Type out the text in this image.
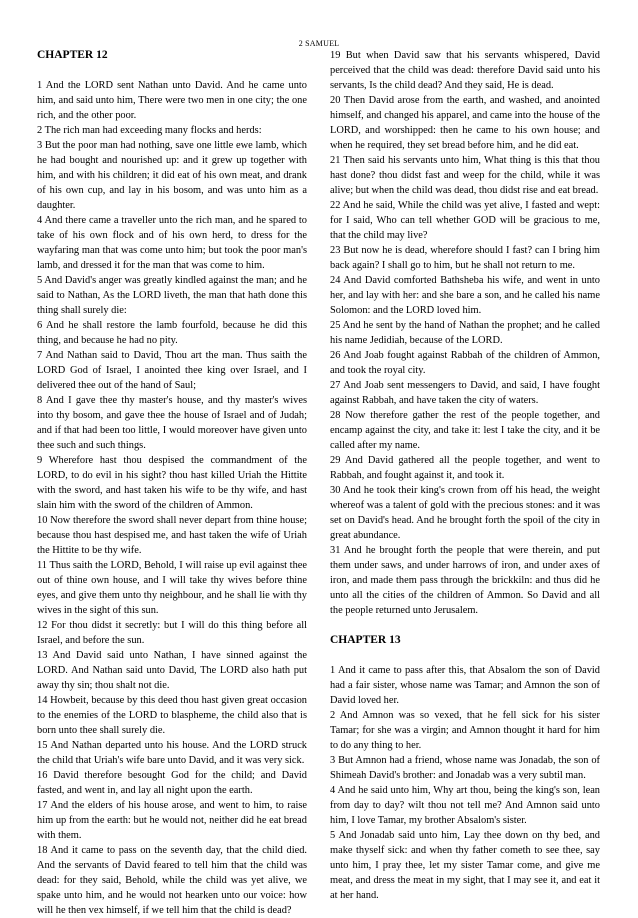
2 SAMUEL

CHAPTER 12

1 And the LORD sent Nathan unto David. And he came unto him, and said unto him, There were two men in one city; the one rich, and the other poor.

2 The rich man had exceeding many flocks and herds:

3 But the poor man had nothing, save one little ewe lamb, which he had bought and nourished up: and it grew up together with him, and with his children; it did eat of his own meat, and drank of his own cup, and lay in his bosom, and was unto him as a daughter.

4 And there came a traveller unto the rich man, and he spared to take of his own flock and of his own herd, to dress for the wayfaring man that was come unto him; but took the poor man's lamb, and dressed it for the man that was come to him.

5 And David's anger was greatly kindled against the man; and he said to Nathan, As the LORD liveth, the man that hath done this thing shall surely die:

6 And he shall restore the lamb fourfold, because he did this thing, and because he had no pity.

7 And Nathan said to David, Thou art the man. Thus saith the LORD God of Israel, I anointed thee king over Israel, and I delivered thee out of the hand of Saul;

8 And I gave thee thy master's house, and thy master's wives into thy bosom, and gave thee the house of Israel and of Judah; and if that had been too little, I would moreover have given unto thee such and such things.

9 Wherefore hast thou despised the commandment of the LORD, to do evil in his sight? thou hast killed Uriah the Hittite with the sword, and hast taken his wife to be thy wife, and hast slain him with the sword of the children of Ammon.

10 Now therefore the sword shall never depart from thine house; because thou hast despised me, and hast taken the wife of Uriah the Hittite to be thy wife.

11 Thus saith the LORD, Behold, I will raise up evil against thee out of thine own house, and I will take thy wives before thine eyes, and give them unto thy neighbour, and he shall lie with thy wives in the sight of this sun.

12 For thou didst it secretly: but I will do this thing before all Israel, and before the sun.

13 And David said unto Nathan, I have sinned against the LORD. And Nathan said unto David, The LORD also hath put away thy sin; thou shalt not die.

14 Howbeit, because by this deed thou hast given great occasion to the enemies of the LORD to blaspheme, the child also that is born unto thee shall surely die.

15 And Nathan departed unto his house. And the LORD struck the child that Uriah's wife bare unto David, and it was very sick.

16 David therefore besought God for the child; and David fasted, and went in, and lay all night upon the earth.

17 And the elders of his house arose, and went to him, to raise him up from the earth: but he would not, neither did he eat bread with them.

18 And it came to pass on the seventh day, that the child died. And the servants of David feared to tell him that the child was dead: for they said, Behold, while the child was yet alive, we spake unto him, and he would not hearken unto our voice: how will he then vex himself, if we tell him that the child is dead?

19 But when David saw that his servants whispered, David perceived that the child was dead: therefore David said unto his servants, Is the child dead? And they said, He is dead.

20 Then David arose from the earth, and washed, and anointed himself, and changed his apparel, and came into the house of the LORD, and worshipped: then he came to his own house; and when he required, they set bread before him, and he did eat.

21 Then said his servants unto him, What thing is this that thou hast done? thou didst fast and weep for the child, while it was alive; but when the child was dead, thou didst rise and eat bread.

22 And he said, While the child was yet alive, I fasted and wept: for I said, Who can tell whether GOD will be gracious to me, that the child may live?

23 But now he is dead, wherefore should I fast? can I bring him back again? I shall go to him, but he shall not return to me.

24 And David comforted Bathsheba his wife, and went in unto her, and lay with her: and she bare a son, and he called his name Solomon: and the LORD loved him.

25 And he sent by the hand of Nathan the prophet; and he called his name Jedidiah, because of the LORD.

26 And Joab fought against Rabbah of the children of Ammon, and took the royal city.

27 And Joab sent messengers to David, and said, I have fought against Rabbah, and have taken the city of waters.

28 Now therefore gather the rest of the people together, and encamp against the city, and take it: lest I take the city, and it be called after my name.

29 And David gathered all the people together, and went to Rabbah, and fought against it, and took it.

30 And he took their king's crown from off his head, the weight whereof was a talent of gold with the precious stones: and it was set on David's head. And he brought forth the spoil of the city in great abundance.

31 And he brought forth the people that were therein, and put them under saws, and under harrows of iron, and under axes of iron, and made them pass through the brickkiln: and thus did he unto all the cities of the children of Ammon. So David and all the people returned unto Jerusalem.

CHAPTER 13

1 And it came to pass after this, that Absalom the son of David had a fair sister, whose name was Tamar; and Amnon the son of David loved her.

2 And Amnon was so vexed, that he fell sick for his sister Tamar; for she was a virgin; and Amnon thought it hard for him to do any thing to her.

3 But Amnon had a friend, whose name was Jonadab, the son of Shimeah David's brother: and Jonadab was a very subtil man.

4 And he said unto him, Why art thou, being the king's son, lean from day to day? wilt thou not tell me? And Amnon said unto him, I love Tamar, my brother Absalom's sister.

5 And Jonadab said unto him, Lay thee down on thy bed, and make thyself sick: and when thy father cometh to see thee, say unto him, I pray thee, let my sister Tamar come, and give me meat, and dress the meat in my sight, that I may see it, and eat it at her hand.
